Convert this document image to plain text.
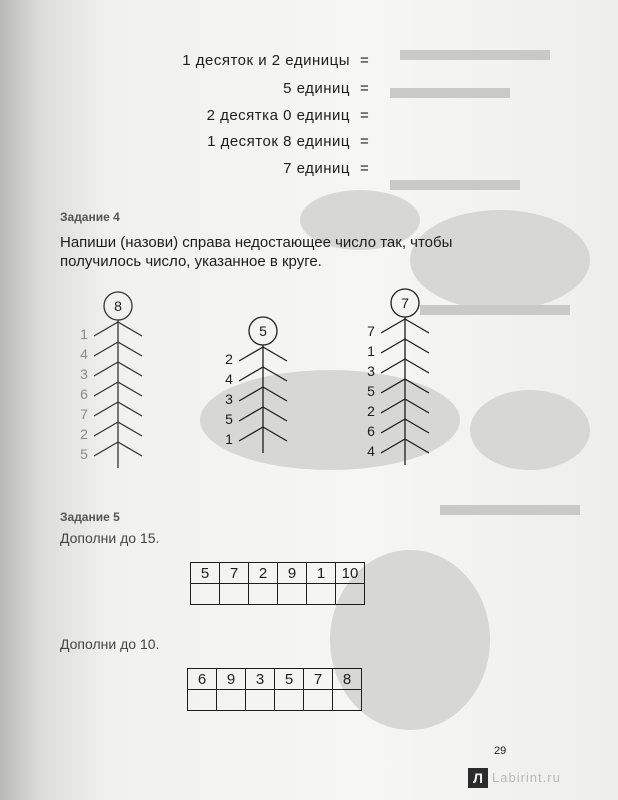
1 десяток и 2 единицы =
5 единиц =
2 десятка 0 единиц =
1 десяток 8 единиц =
7 единиц =
Задание 4
Напиши (назови) справа недостающее число так, чтобы получилось число, указанное в круге.
8
1
4
3
6
7
2
5
5
2
4
3
5
1
7
7
1
3
5
2
6
4
Задание 5
Дополни до 15.
5	7	2	9	1	10

Дополни до 10.
6	9	3	5	7	8

29
Л Labirint.ru
